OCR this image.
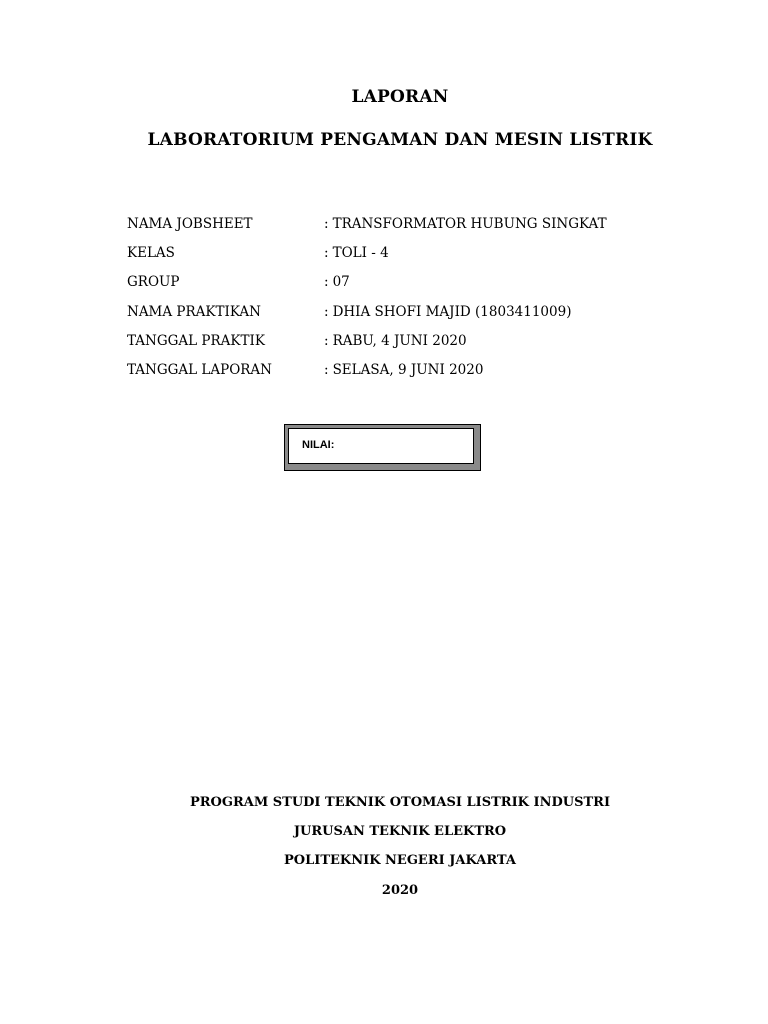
LAPORAN
LABORATORIUM PENGAMAN DAN MESIN LISTRIK
NAMA JOBSHEET	: TRANSFORMATOR HUBUNG SINGKAT
KELAS	: TOLI - 4
GROUP	: 07
NAMA PRAKTIKAN	: DHIA SHOFI MAJID (1803411009)
TANGGAL PRAKTIK	: RABU, 4 JUNI 2020
TANGGAL LAPORAN	: SELASA, 9 JUNI 2020
NILAI:
PROGRAM STUDI TEKNIK OTOMASI LISTRIK INDUSTRI
JURUSAN TEKNIK ELEKTRO
POLITEKNIK NEGERI JAKARTA
2020
